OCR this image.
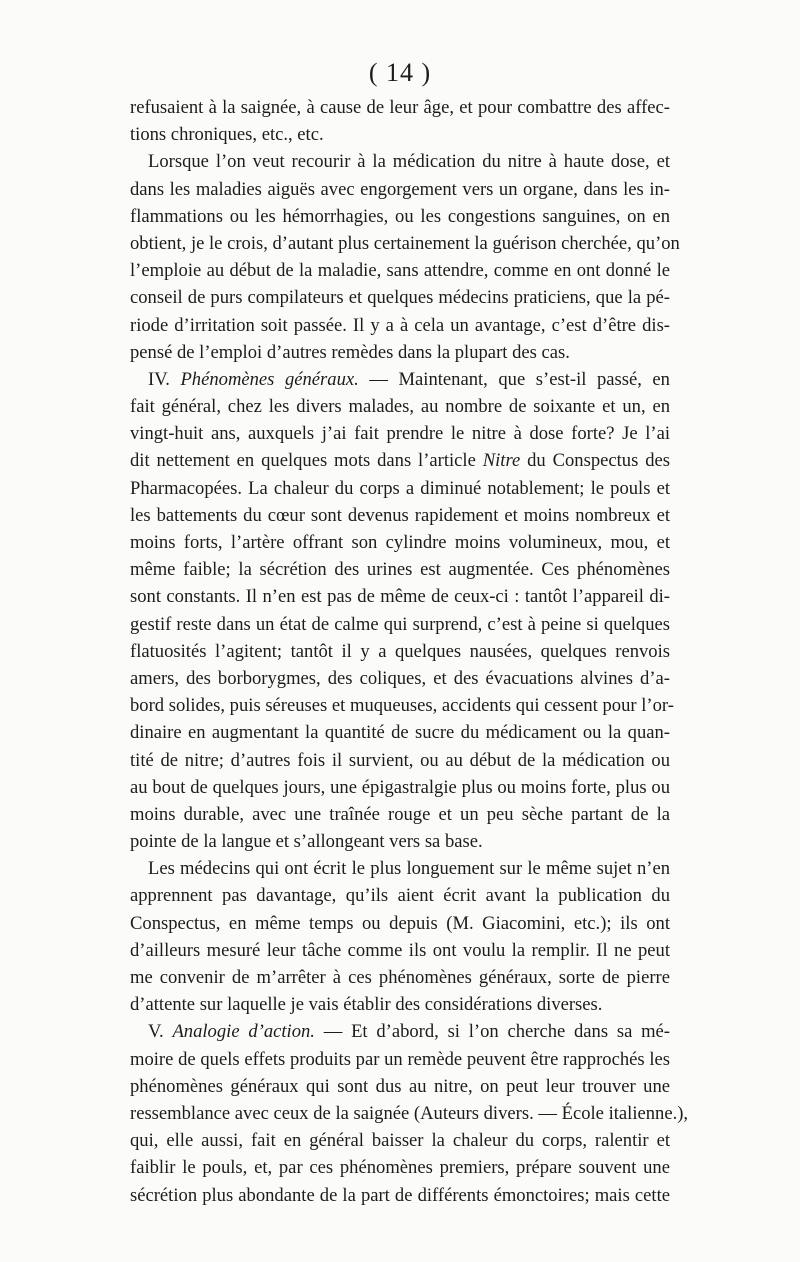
( 14 )
refusaient à la saignée, à cause de leur âge, et pour combattre des affec-
tions chroniques, etc., etc.
Lorsque l’on veut recourir à la médication du nitre à haute dose, et
dans les maladies aiguës avec engorgement vers un organe, dans les in-
flammations ou les hémorrhagies, ou les congestions sanguines, on en
obtient, je le crois, d’autant plus certainement la guérison cherchée, qu’on
l’emploie au début de la maladie, sans attendre, comme en ont donné le
conseil de purs compilateurs et quelques médecins praticiens, que la pé-
riode d’irritation soit passée. Il y a à cela un avantage, c’est d’être dis-
pensé de l’emploi d’autres remèdes dans la plupart des cas.
IV. Phénomènes généraux. — Maintenant, que s’est-il passé, en
fait général, chez les divers malades, au nombre de soixante et un, en
vingt-huit ans, auxquels j’ai fait prendre le nitre à dose forte? Je l’ai
dit nettement en quelques mots dans l’article Nitre du Conspectus des
Pharmacopées. La chaleur du corps a diminué notablement; le pouls et
les battements du cœur sont devenus rapidement et moins nombreux et
moins forts, l’artère offrant son cylindre moins volumineux, mou, et
même faible; la sécrétion des urines est augmentée. Ces phénomènes
sont constants. Il n’en est pas de même de ceux-ci : tantôt l’appareil di-
gestif reste dans un état de calme qui surprend, c’est à peine si quelques
flatuosités l’agitent; tantôt il y a quelques nausées, quelques renvois
amers, des borborygmes, des coliques, et des évacuations alvines d’a-
bord solides, puis séreuses et muqueuses, accidents qui cessent pour l’or-
dinaire en augmentant la quantité de sucre du médicament ou la quan-
tité de nitre; d’autres fois il survient, ou au début de la médication ou
au bout de quelques jours, une épigastralgie plus ou moins forte, plus ou
moins durable, avec une traînée rouge et un peu sèche partant de la
pointe de la langue et s’allongeant vers sa base.
Les médecins qui ont écrit le plus longuement sur le même sujet n’en
apprennent pas davantage, qu’ils aient écrit avant la publication du
Conspectus, en même temps ou depuis (M. Giacomini, etc.); ils ont
d’ailleurs mesuré leur tâche comme ils ont voulu la remplir. Il ne peut
me convenir de m’arrêter à ces phénomènes généraux, sorte de pierre
d’attente sur laquelle je vais établir des considérations diverses.
V. Analogie d’action. — Et d’abord, si l’on cherche dans sa mé-
moire de quels effets produits par un remède peuvent être rapprochés les
phénomènes généraux qui sont dus au nitre, on peut leur trouver une
ressemblance avec ceux de la saignée (Auteurs divers. — École italienne.),
qui, elle aussi, fait en général baisser la chaleur du corps, ralentir et
faiblir le pouls, et, par ces phénomènes premiers, prépare souvent une
sécrétion plus abondante de la part de différents émonctoires; mais cette
